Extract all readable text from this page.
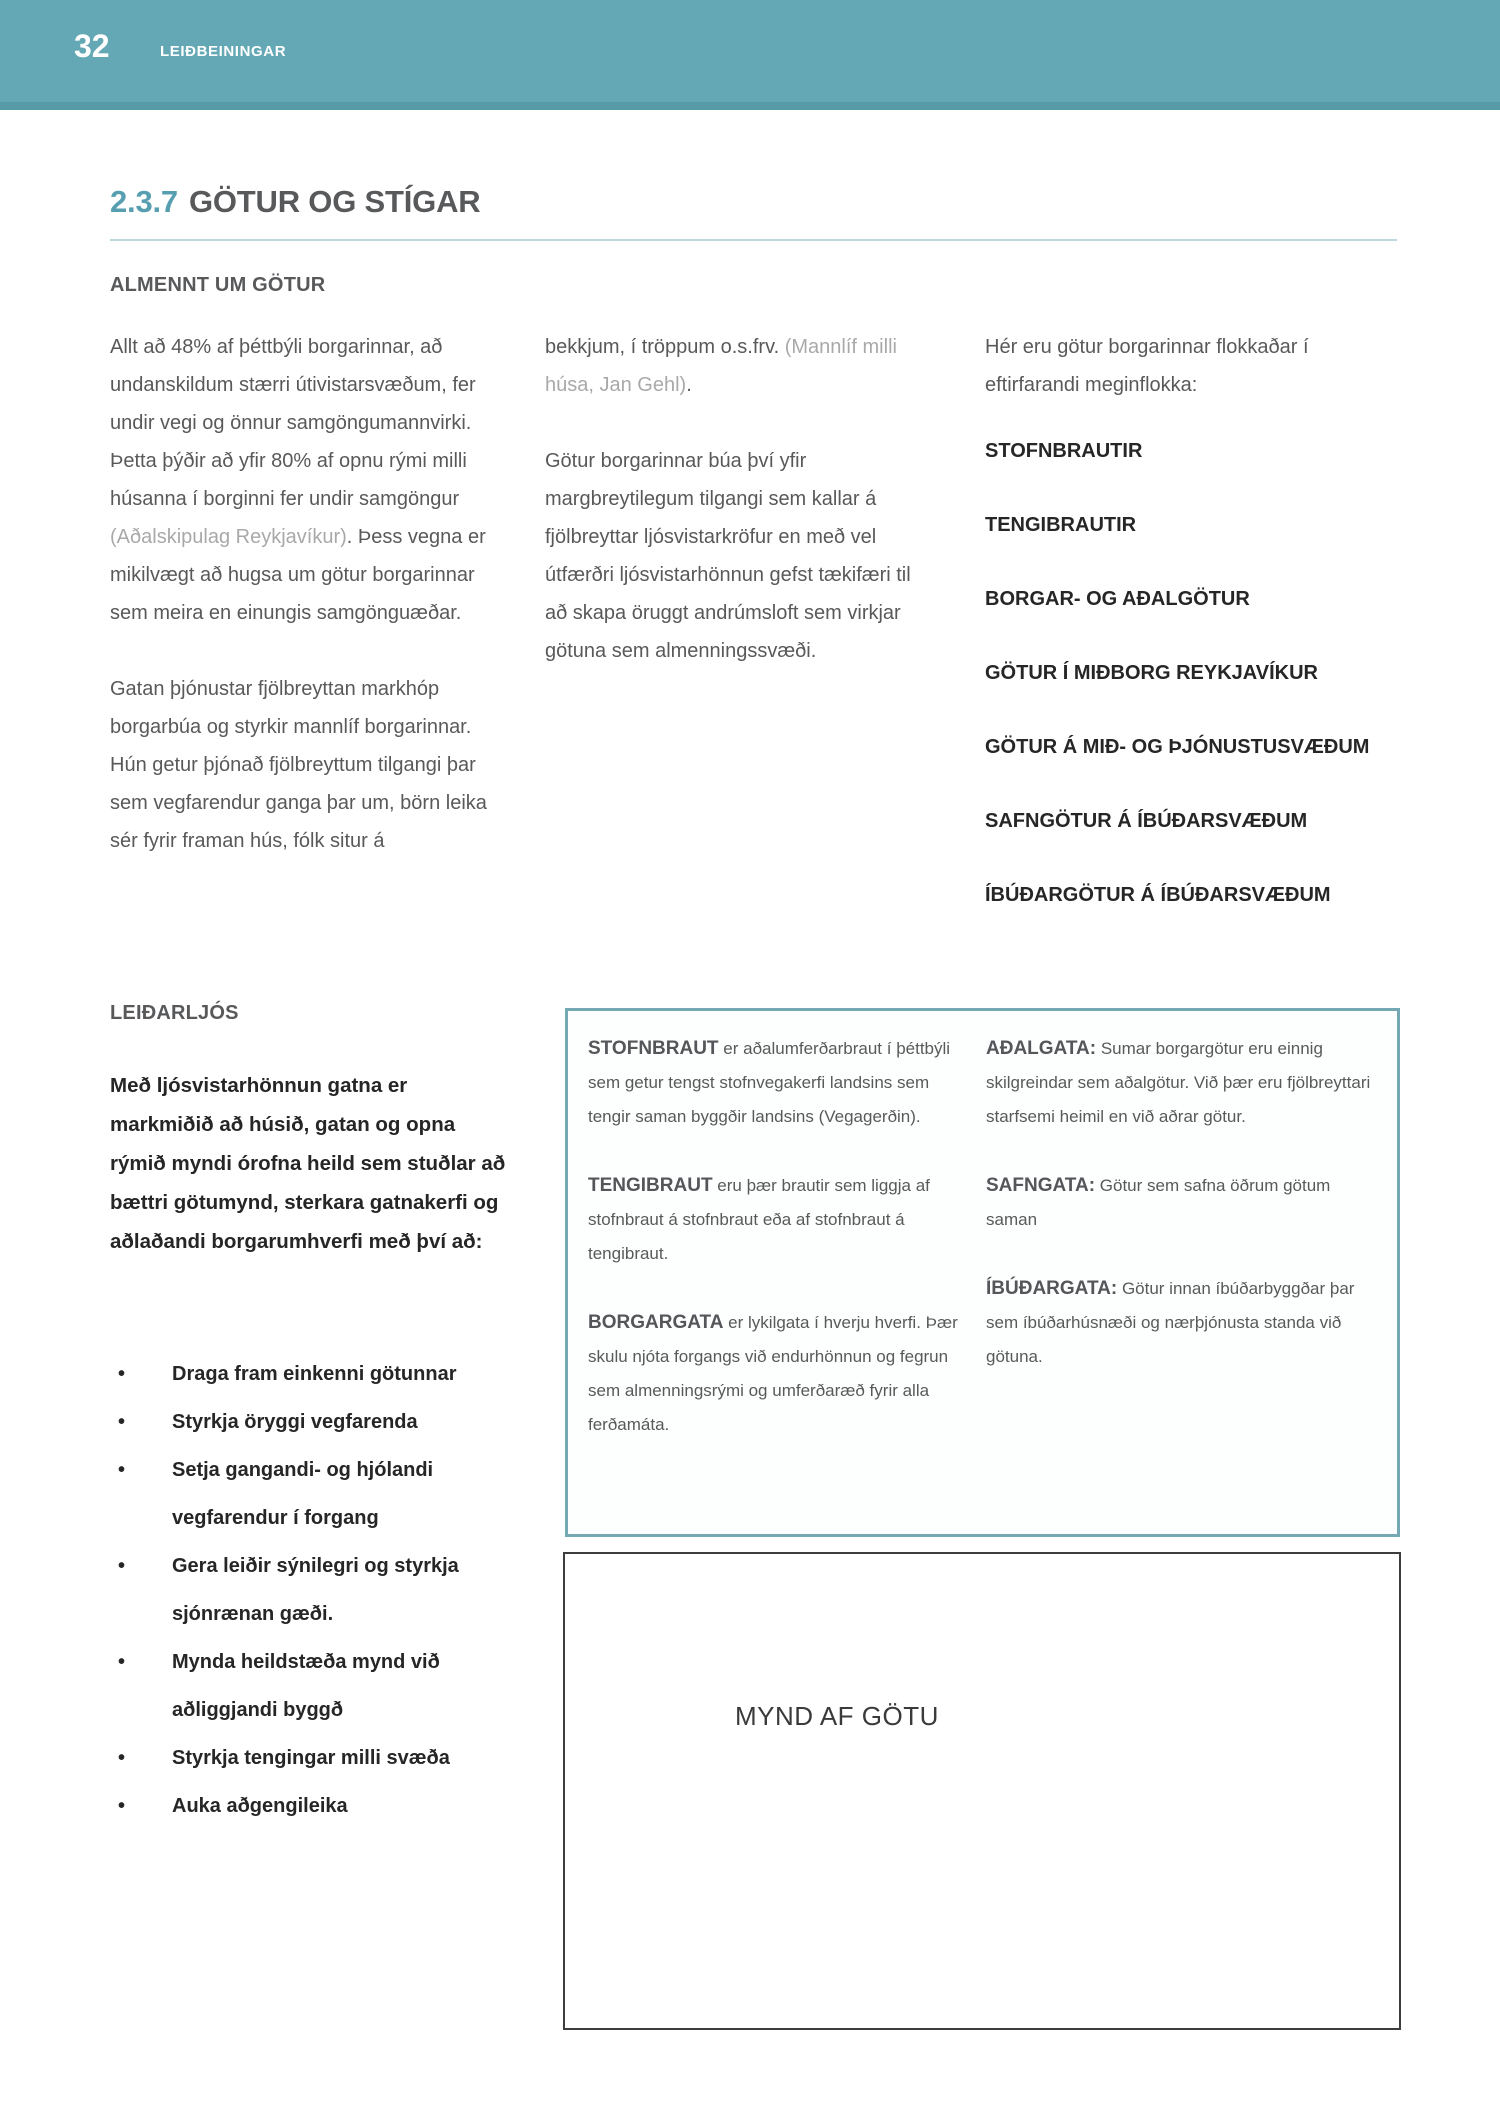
32	LEIÐBEININGAR
2.3.7 GÖTUR OG STÍGAR
ALMENNT UM GÖTUR

Allt að 48% af þéttbýli borgarinnar, að undanskildum stærri útivistarsvæðum, fer undir vegi og önnur samgöngumannvirki. Þetta þýðir að yfir 80% af opnu rými milli húsanna í borginni fer undir samgöngur (Aðalskipulag Reykjavíkur). Þess vegna er mikilvægt að hugsa um götur borgarinnar sem meira en einungis samgönguæðar.

Gatan þjónustar fjölbreyttan markhóp borgarbúa og styrkir mannlíf borgarinnar. Hún getur þjónað fjölbreyttum tilgangi þar sem vegfarendur ganga þar um, börn leika sér fyrir framan hús, fólk situr á

bekkjum, í tröppum o.s.frv. (Mannlíf milli húsa, Jan Gehl).

Götur borgarinnar búa því yfir margbreytilegum tilgangi sem kallar á fjölbreyttar ljósvistarkröfur en með vel útfærðri ljósvistarhönnun gefst tækifæri til að skapa öruggt andrúmsloft sem virkjar götuna sem almenningssvæði.

Hér eru götur borgarinnar flokkaðar í eftirfarandi meginflokka:

STOFNBRAUTIR
TENGIBRAUTIR
BORGAR- OG AÐALGÖTUR
GÖTUR Í MIÐBORG REYKJAVÍKUR
GÖTUR Á MIÐ- OG ÞJÓNUSTUSVÆÐUM
SAFNGÖTUR Á ÍBÚÐARSVÆÐUM
ÍBÚÐARGÖTUR Á ÍBÚÐARSVÆÐUM
LEIÐARLJÓS

Með ljósvistarhönnun gatna er markmiðið að húsið, gatan og opna rýmið myndi órofna heild sem stuðlar að bættri götumynd, sterkara gatnakerfi og aðlaðandi borgarumhverfi með því að:

• Draga fram einkenni götunnar
• Styrkja öryggi vegfarenda
• Setja gangandi- og hjólandi vegfarendur í forgang
• Gera leiðir sýnilegri og styrkja sjónrænan gæði.
• Mynda heildstæða mynd við aðliggjandi byggð
• Styrkja tengingar milli svæða
• Auka aðgengileika

STOFNBRAUT er aðalumferðarbraut í þéttbýli sem getur tengst stofnvegakerfi landsins sem tengir saman byggðir landsins (Vegagerðin).

TENGIBRAUT eru þær brautir sem liggja af stofnbraut á stofnbraut eða af stofnbraut á tengibraut.

BORGARGATA er lykilgata í hverju hverfi. Þær skulu njóta forgangs við endurhönnun og fegrun sem almenningsrými og umferðaræð fyrir alla ferðamáta.

AÐALGATA: Sumar borgargötur eru einnig skilgreindar sem aðalgötur. Við þær eru fjölbreyttari starfsemi heimil en við aðrar götur.

SAFNGATA: Götur sem safna öðrum götum saman

ÍBÚÐARGATA: Götur innan íbúðarbyggðar þar sem íbúðarhúsnæði og nærþjónusta standa við götuna.

MYND AF GÖTU
